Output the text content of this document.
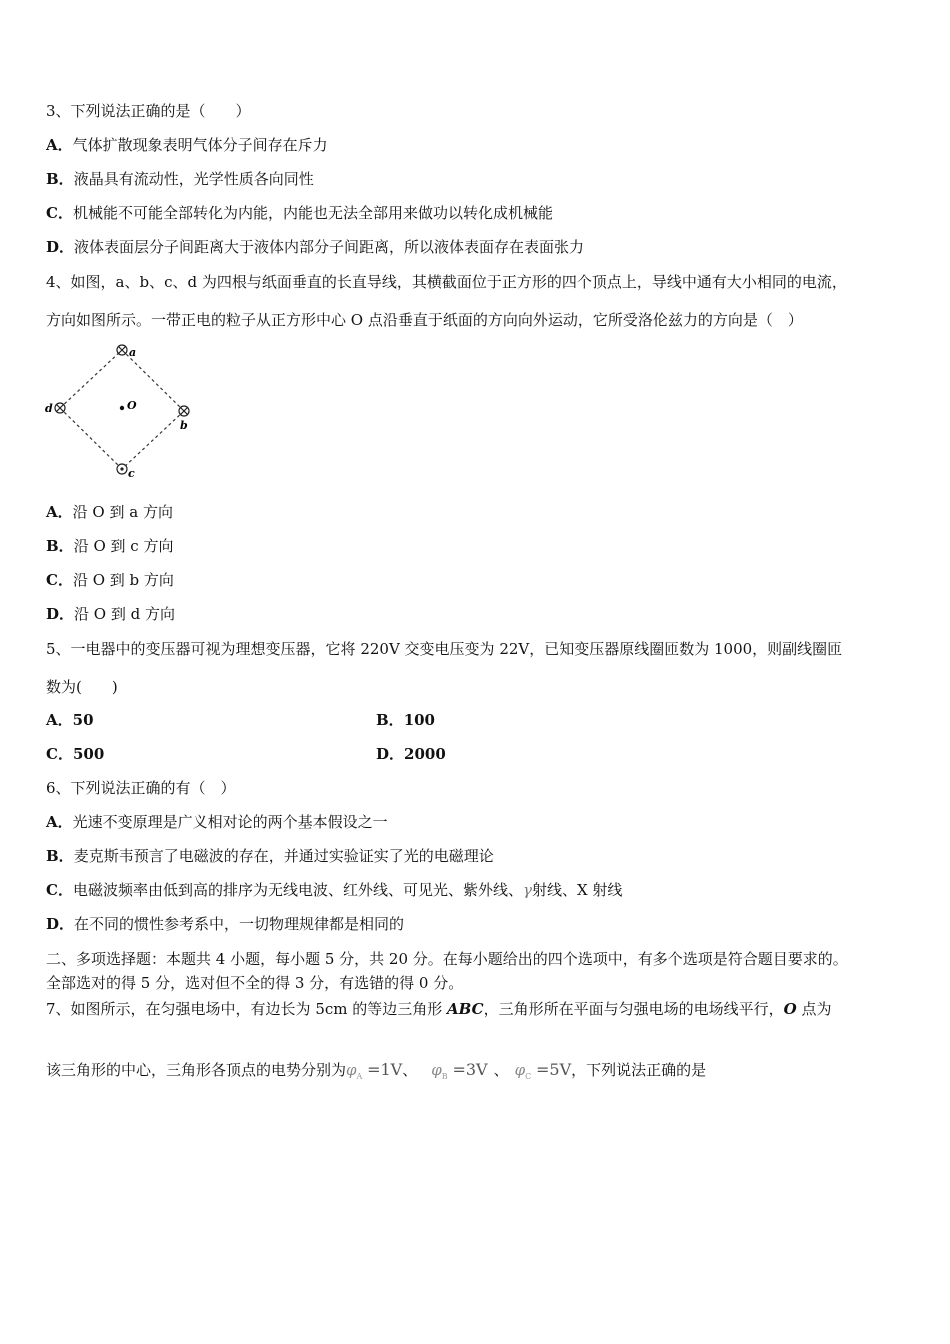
3、下列说法正确的是（　　）
A．气体扩散现象表明气体分子间存在斥力
B．液晶具有流动性，光学性质各向同性
C．机械能不可能全部转化为内能，内能也无法全部用来做功以转化成机械能
D．液体表面层分子间距离大于液体内部分子间距离，所以液体表面存在表面张力
4、如图，a、b、c、d 为四根与纸面垂直的长直导线，其横截面位于正方形的四个顶点上，导线中通有大小相同的电流，
方向如图所示。一带正电的粒子从正方形中心 O 点沿垂直于纸面的方向向外运动，它所受洛伦兹力的方向是（　）
a
b
c
d	O
A．沿 O 到 a 方向
B．沿 O 到 c 方向
C．沿 O 到 b 方向
D．沿 O 到 d 方向
5、一电器中的变压器可视为理想变压器，它将 220V 交变电压变为 22V，已知变压器原线圈匝数为 1000，则副线圈匝
数为(　　)
A．50	B．100
C．500	D．2000
6、下列说法正确的有（　）
A．光速不变原理是广义相对论的两个基本假设之一
B．麦克斯韦预言了电磁波的存在，并通过实验证实了光的电磁理论
C．电磁波频率由低到高的排序为无线电波、红外线、可见光、紫外线、γ射线、X 射线
D．在不同的惯性参考系中，一切物理规律都是相同的
二、多项选择题：本题共 4 小题，每小题 5 分，共 20 分。在每小题给出的四个选项中，有多个选项是符合题目要求的。
全部选对的得 5 分，选对但不全的得 3 分，有选错的得 0 分。
7、如图所示，在匀强电场中，有边长为 5cm 的等边三角形 ABC，三角形所在平面与匀强电场的电场线平行，O 点为
该三角形的中心，三角形各顶点的电势分别为$\varphi_A =1V$、 $\varphi_B =3V$ 、 $\varphi_C =5V$，下列说法正确的是
